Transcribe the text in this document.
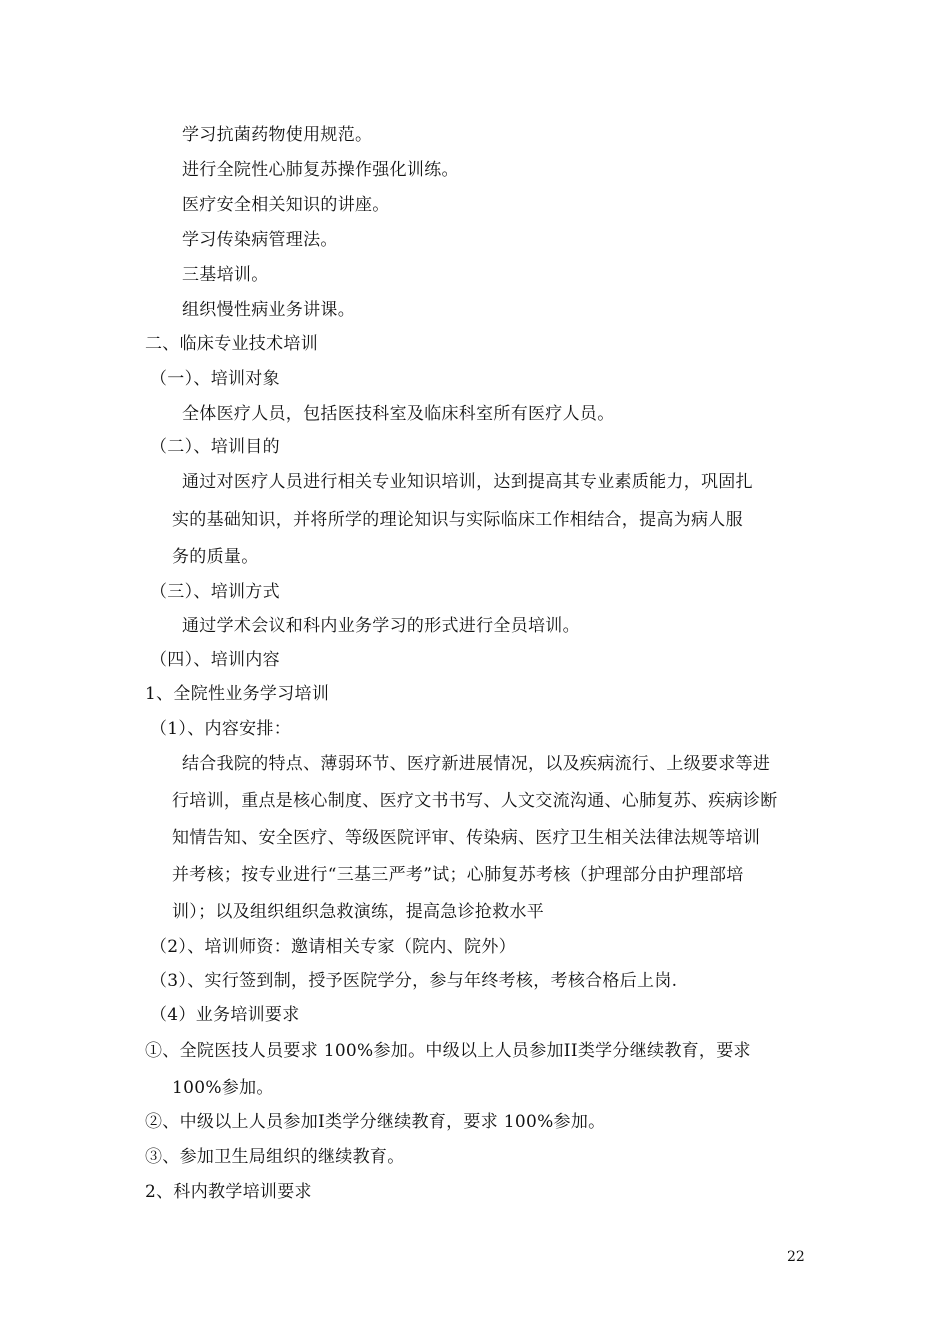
学习抗菌药物使用规范。
进行全院性心肺复苏操作强化训练。
医疗安全相关知识的讲座。
学习传染病管理法。
三基培训。
组织慢性病业务讲课。
二、临床专业技术培训
（一）、培训对象
全体医疗人员，包括医技科室及临床科室所有医疗人员。
（二）、培训目的
通过对医疗人员进行相关专业知识培训，达到提高其专业素质能力，巩固扎
实的基础知识，并将所学的理论知识与实际临床工作相结合，提高为病人服
务的质量。
（三）、培训方式
通过学术会议和科内业务学习的形式进行全员培训。
（四）、培训内容
1、全院性业务学习培训
（1）、内容安排：
结合我院的特点、薄弱环节、医疗新进展情况，以及疾病流行、上级要求等进
行培训，重点是核心制度、医疗文书书写、人文交流沟通、心肺复苏、疾病诊断
知情告知、安全医疗、等级医院评审、传染病、医疗卫生相关法律法规等培训
并考核；按专业进行“三基三严考”试；心肺复苏考核（护理部分由护理部培
训）；以及组织组织急救演练，提高急诊抢救水平
（2）、培训师资：邀请相关专家（院内、院外）
（3）、实行签到制，授予医院学分，参与年终考核，考核合格后上岗.
（4）业务培训要求
①、全院医技人员要求 100%参加。中级以上人员参加II类学分继续教育，要求
100%参加。
②、中级以上人员参加Ⅰ类学分继续教育，要求 100%参加。
③、参加卫生局组织的继续教育。
2、科内教学培训要求
22
